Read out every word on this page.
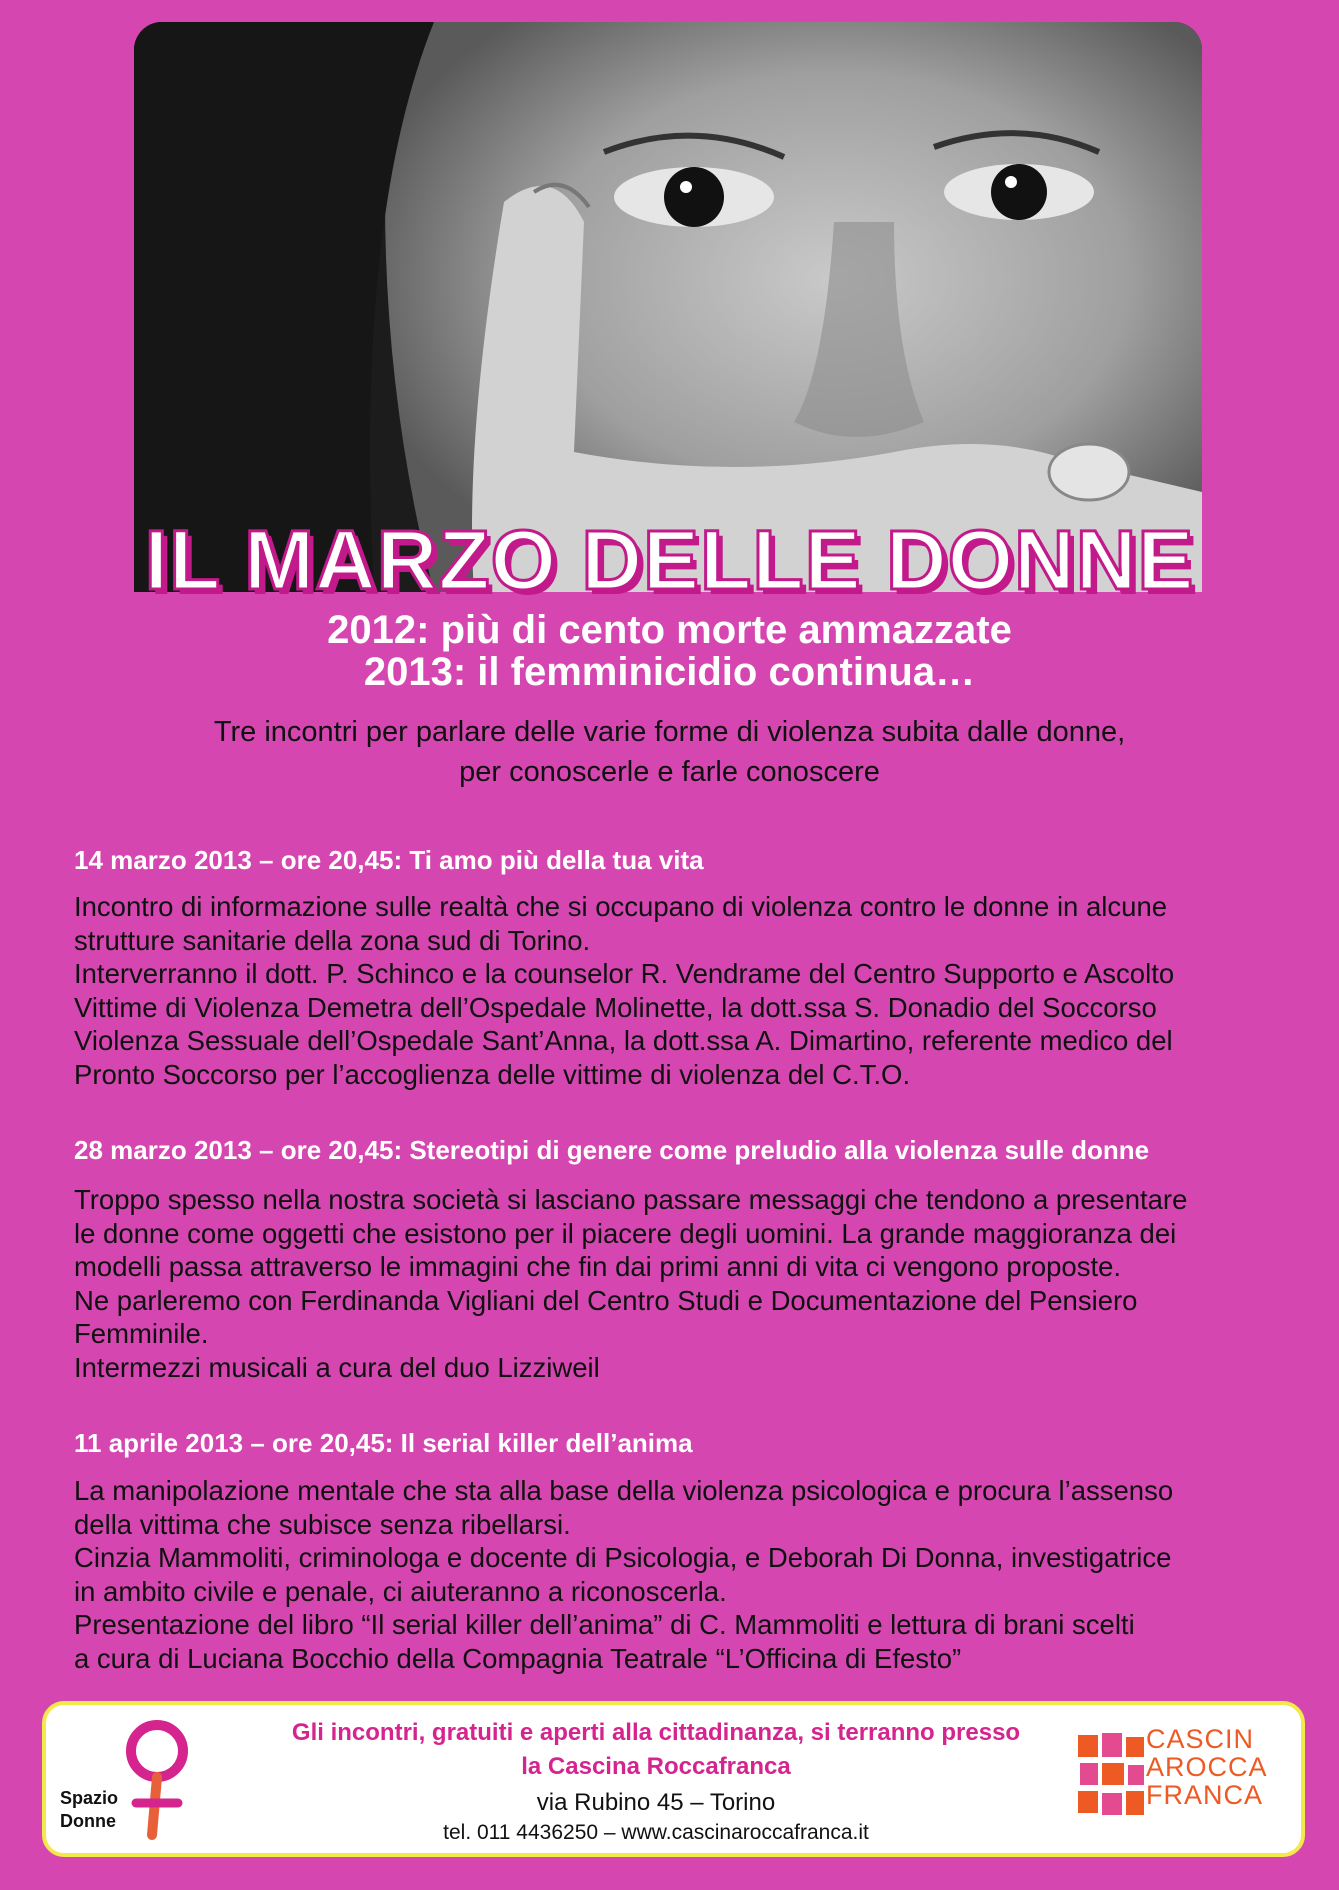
IL MARZO DELLE DONNE
2012: più di cento morte ammazzate
2013: il femminicidio continua…
Tre incontri per parlare delle varie forme di violenza subita dalle donne,
per conoscerle e farle conoscere
14 marzo 2013 – ore 20,45: Ti amo più della tua vita
Incontro di informazione sulle realtà che si occupano di violenza contro le donne in alcune
strutture sanitarie della zona sud di Torino.
Interverranno il dott. P. Schinco e la counselor R. Vendrame del Centro Supporto e Ascolto
Vittime di Violenza Demetra dell’Ospedale Molinette, la dott.ssa S. Donadio del Soccorso
Violenza Sessuale dell’Ospedale Sant’Anna, la dott.ssa A. Dimartino, referente medico del
Pronto Soccorso per l’accoglienza delle vittime di violenza del C.T.O.
28 marzo 2013 – ore 20,45: Stereotipi di genere come preludio alla violenza sulle donne
Troppo spesso nella nostra società si lasciano passare messaggi che tendono a presentare
le donne come oggetti che esistono per il piacere degli uomini. La grande maggioranza dei
modelli passa attraverso le immagini che fin dai primi anni di vita ci vengono proposte.
Ne parleremo con Ferdinanda Vigliani del Centro Studi e Documentazione del Pensiero
Femminile.
Intermezzi musicali a cura del duo Lizziweil
11 aprile 2013 – ore 20,45: Il serial killer dell’anima
La manipolazione mentale che sta alla base della violenza psicologica e procura l’assenso
della vittima che subisce senza ribellarsi.
Cinzia Mammoliti, criminologa e docente di Psicologia, e Deborah Di Donna, investigatrice
in ambito civile e penale, ci aiuteranno a riconoscerla.
Presentazione del libro “Il serial killer dell’anima” di C. Mammoliti e lettura di brani scelti
a cura di Luciana Bocchio della Compagnia Teatrale “L’Officina di Efesto”
Spazio
Donne
Gli incontri, gratuiti e aperti alla cittadinanza, si terranno presso
la Cascina Roccafranca
via Rubino 45 – Torino
tel. 011 4436250 – www.cascinaroccafranca.it
CASCIN
AROCCA
FRANCA
